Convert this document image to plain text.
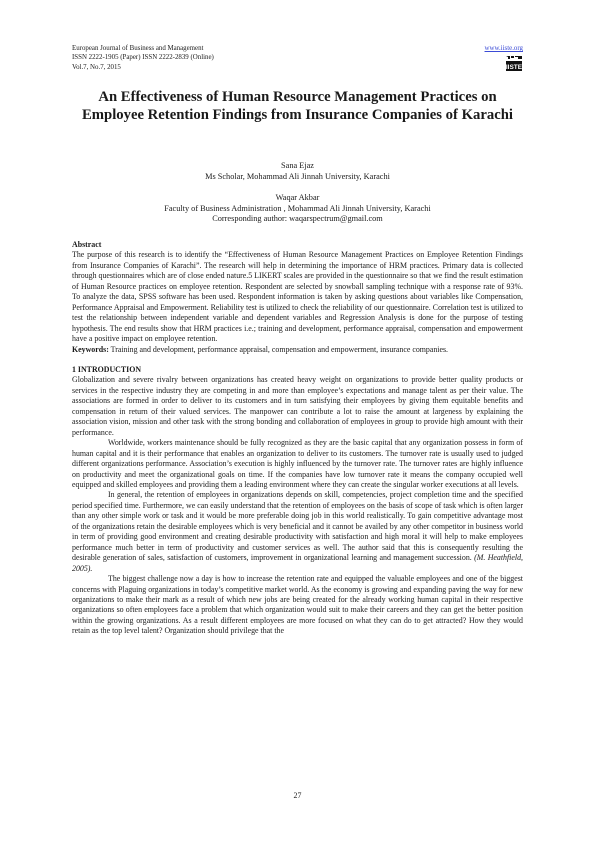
European Journal of Business and Management
ISSN 2222-1905 (Paper) ISSN 2222-2839 (Online)
Vol.7, No.7, 2015
www.iiste.org
IISTE
An Effectiveness of Human Resource Management Practices on Employee Retention Findings from Insurance Companies of Karachi
Sana Ejaz
Ms Scholar, Mohammad Ali Jinnah University, Karachi
Waqar Akbar
Faculty of Business Administration , Mohammad Ali Jinnah University, Karachi
Corresponding author: waqarspectrum@gmail.com
Abstract

The purpose of this research is to identify the “Effectiveness of Human Resource Management Practices on Employee Retention Findings from Insurance Companies of Karachi”. The research will help in determining the importance of HRM practices. Primary data is collected through questionnaires which are of close ended nature.5 LIKERT scales are provided in the questionnaire so that we find the result estimation of Human Resource practices on employee retention. Respondent are selected by snowball sampling technique with a response rate of 93%. To analyze the data, SPSS software has been used. Respondent information is taken by asking questions about variables like Compensation, Performance Appraisal and Empowerment. Reliability test is utilized to check the reliability of our questionnaire. Correlation test is utilized to test the relationship between independent variable and dependent variables and Regression Analysis is done for the purpose of testing hypothesis. The end results show that HRM practices i.e.; training and development, performance appraisal, compensation and empowerment have a positive impact on employee retention.

Keywords: Training and development, performance appraisal, compensation and empowerment, insurance companies.

1 INTRODUCTION

Globalization and severe rivalry between organizations has created heavy weight on organizations to provide better quality products or services in the respective industry they are competing in and more than employee’s expectations and manage talent as per their value. The associations are formed in order to deliver to its customers and in turn satisfying their employees by giving them equitable benefits and compensation in return of their valued services. The manpower can contribute a lot to raise the amount at largeness by explaining the association vision, mission and other task with the strong bonding and collaboration of employees in group to provide high amount with their performance.

Worldwide, workers maintenance should be fully recognized as they are the basic capital that any organization possess in form of human capital and it is their performance that enables an organization to deliver to its customers. The turnover rate is usually used to judged different organizations performance. Association’s execution is highly influenced by the turnover rate. The turnover rates are highly influence on productivity and meet the organizational goals on time. If the companies have low turnover rate it means the company occupied well equipped and skilled employees and providing them a leading environment where they can create the singular worker executions at all levels.

In general, the retention of employees in organizations depends on skill, competencies, project completion time and the specified period specified time. Furthermore, we can easily understand that the retention of employees on the basis of scope of task which is often larger than any other simple work or task and it would be more preferable doing job in this world realistically. To gain competitive advantage most of the organizations retain the desirable employees which is very beneficial and it cannot be availed by any other competitor in business world in term of providing good environment and creating desirable productivity with satisfaction and high moral it will help to make employees performance much better in term of productivity and customer services as well. The author said that this is consequently resulting the desirable generation of sales, satisfaction of customers, improvement in organizational learning and management succession. (M. Heathfield, 2005).

The biggest challenge now a day is how to increase the retention rate and equipped the valuable employees and one of the biggest concerns with Plaguing organizations in today’s competitive market world. As the economy is growing and expanding paving the way for new organizations to make their mark as a result of which new jobs are being created for the already working human capital in their respective organizations so often employees face a problem that which organization would suit to make their careers and they can get the better position within the growing organizations. As a result different employees are more focused on what they can do to get attracted? How they would retain as the top level talent? Organization should privilege that the

27
